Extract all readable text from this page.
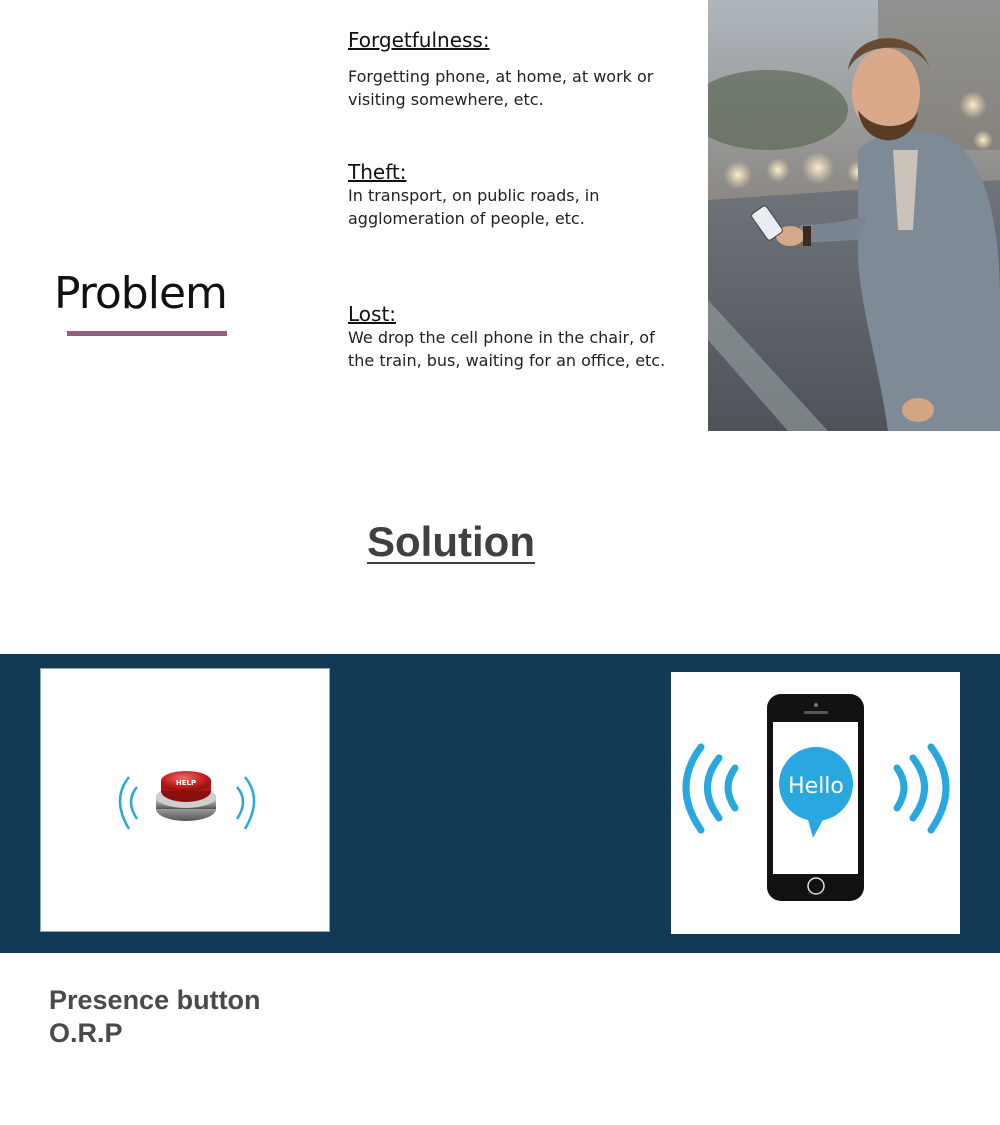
Problem
Forgetfulness:
Forgetting phone, at home, at work or visiting somewhere, etc.
Theft:
In transport, on public roads, in agglomeration of people, etc.
Lost:
We drop the cell phone in the chair, of the train, bus, waiting for an office, etc.
Solution
HELP	Hello
Presence button
O.R.P
